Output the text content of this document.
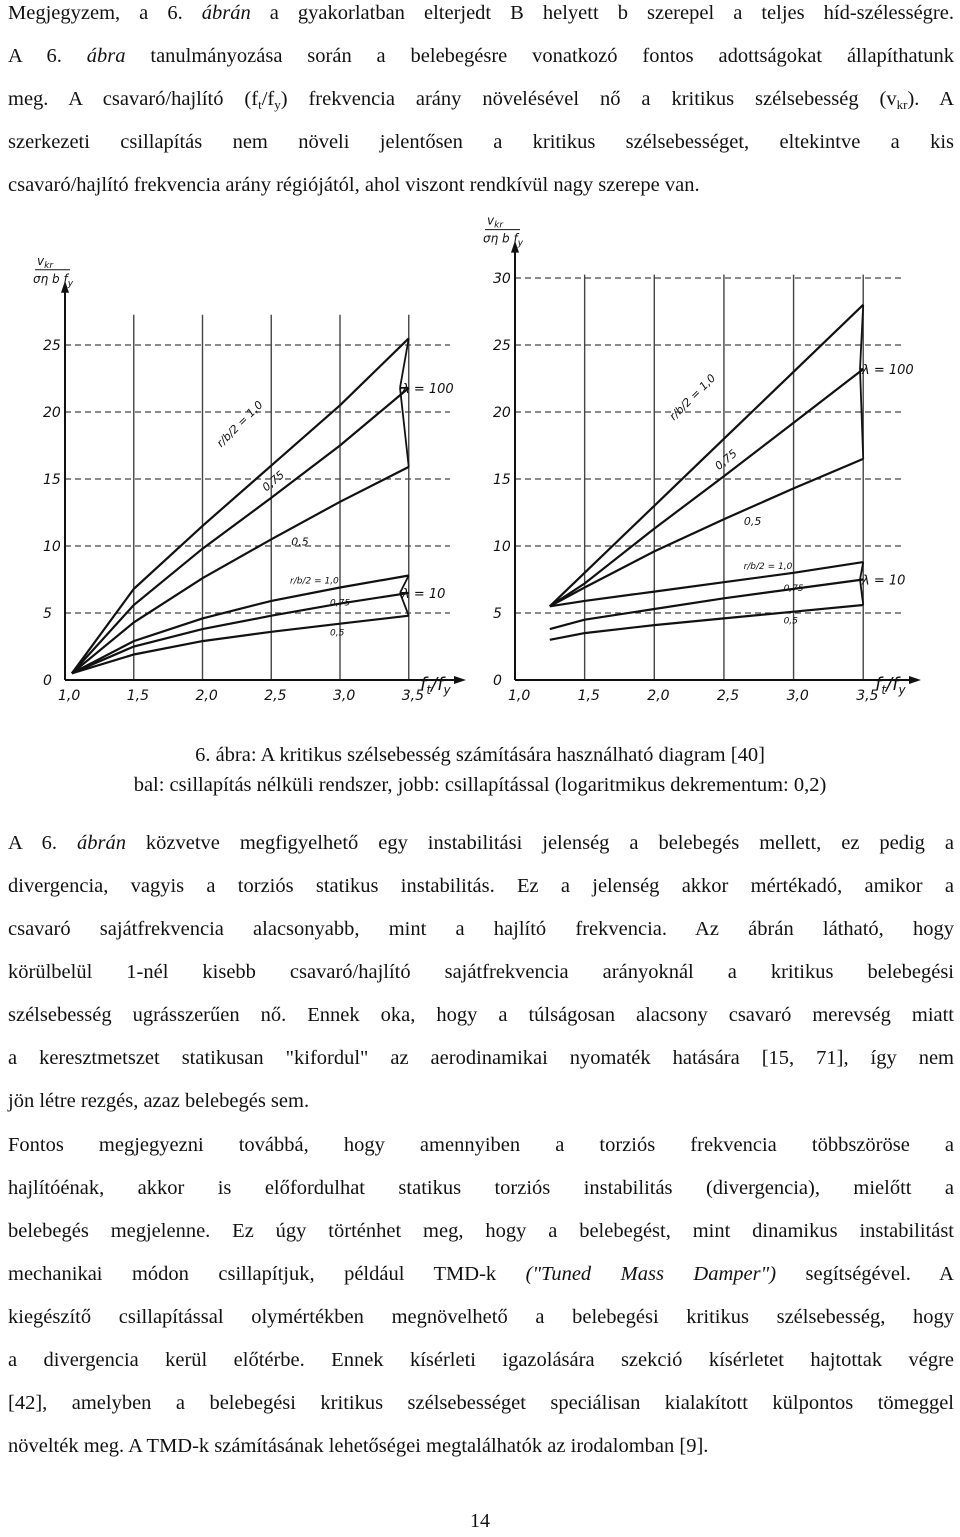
Megjegyzem, a 6. ábrán a gyakorlatban elterjedt B helyett b szerepel a teljes híd-szélességre.
A 6. ábra tanulmányozása során a belebegésre vonatkozó fontos adottságokat állapíthatunk
meg. A csavaró/hajlító $(f_t/f_y)$ frekvencia arány növelésével nő a kritikus szélsebesség $(v_{kr})$. A
szerkezeti csillapítás nem növeli jelentősen a kritikus szélsebességet, eltekintve a kis
csavaró/hajlító frekvencia arány régiójától, ahol viszont rendkívül nagy szerepe van.
1,0	1,5	2,0	2,5	3,0	3,5
0
5
10
15
20
25
$v_{kr}$
ση b $f_y$
$f_t/f_y$
λ = 100
λ = 10
r/b/2 = 1,0
0,75
0,5
r/b/2 = 1,0
0,75
0,5
1,0	1,5	2,0	2,5	3,0	3,5
0
5
10
15
20
25
30
$v_{kr}$
ση b $f_y$
$f_t/f_y$
λ = 100
λ = 10
r/b/2 = 1,0
0,75
0,5
r/b/2 = 1,0
0,75
0,5
6. ábra: A kritikus szélsebesség számítására használható diagram [40]
bal: csillapítás nélküli rendszer, jobb: csillapítással (logaritmikus dekrementum: 0,2)
A 6. ábrán közvetve megfigyelhető egy instabilitási jelenség a belebegés mellett, ez pedig a
divergencia, vagyis a torziós statikus instabilitás. Ez a jelenség akkor mértékadó, amikor a
csavaró sajátfrekvencia alacsonyabb, mint a hajlító frekvencia. Az ábrán látható, hogy
körülbelül 1-nél kisebb csavaró/hajlító sajátfrekvencia arányoknál a kritikus belebegési
szélsebesség ugrásszerűen nő. Ennek oka, hogy a túlságosan alacsony csavaró merevség miatt
a keresztmetszet statikusan "kifordul" az aerodinamikai nyomaték hatására [15, 71], így nem
jön létre rezgés, azaz belebegés sem.
Fontos megjegyezni továbbá, hogy amennyiben a torziós frekvencia többszöröse a
hajlítóénak, akkor is előfordulhat statikus torziós instabilitás (divergencia), mielőtt a
belebegés megjelenne. Ez úgy történhet meg, hogy a belebegést, mint dinamikus instabilitást
mechanikai módon csillapítjuk, például TMD-k ("Tuned Mass Damper") segítségével. A
kiegészítő csillapítással olymértékben megnövelhető a belebegési kritikus szélsebesség, hogy
a divergencia kerül előtérbe. Ennek kísérleti igazolására szekció kísérletet hajtottak végre
[42], amelyben a belebegési kritikus szélsebességet speciálisan kialakított külpontos tömeggel
növelték meg. A TMD-k számításának lehetőségei megtalálhatók az irodalomban [9].
14
